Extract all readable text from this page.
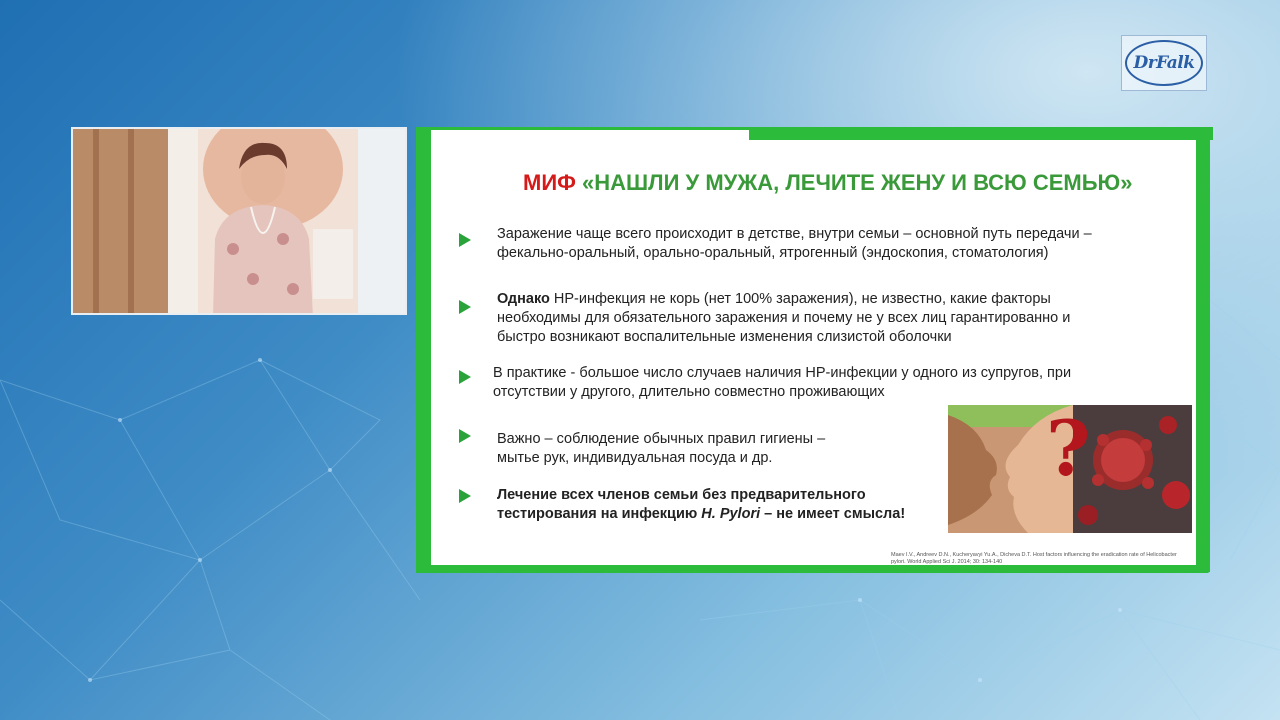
DrFalk
МИФ «НАШЛИ У МУЖА, ЛЕЧИТЕ ЖЕНУ И ВСЮ СЕМЬЮ»
Заражение чаще всего происходит в детстве, внутри семьи – основной путь передачи – фекально-оральный, орально-оральный, ятрогенный (эндоскопия, стоматология)
Однако НР-инфекция не корь (нет 100% заражения), не известно, какие факторы необходимы для обязательного заражения и почему не у всех лиц гарантированно и быстро возникают воспалительные изменения слизистой оболочки
В практике - большое число случаев наличия НР-инфекции у одного из супругов, при отсутствии у другого, длительно совместно проживающих
Важно – соблюдение обычных правил гигиены – мытье рук, индивидуальная посуда и др.
Лечение всех членов семьи без предварительного тестирования на инфекцию H. Pylori – не имеет смысла!
?
Maev I.V., Andreev D.N., Kucheryavyi Yu.A., Dicheva D.T. Host factors influencing the eradication rate of Helicobacter pylori. World Applied Sci J. 2014; 30: 134-140
